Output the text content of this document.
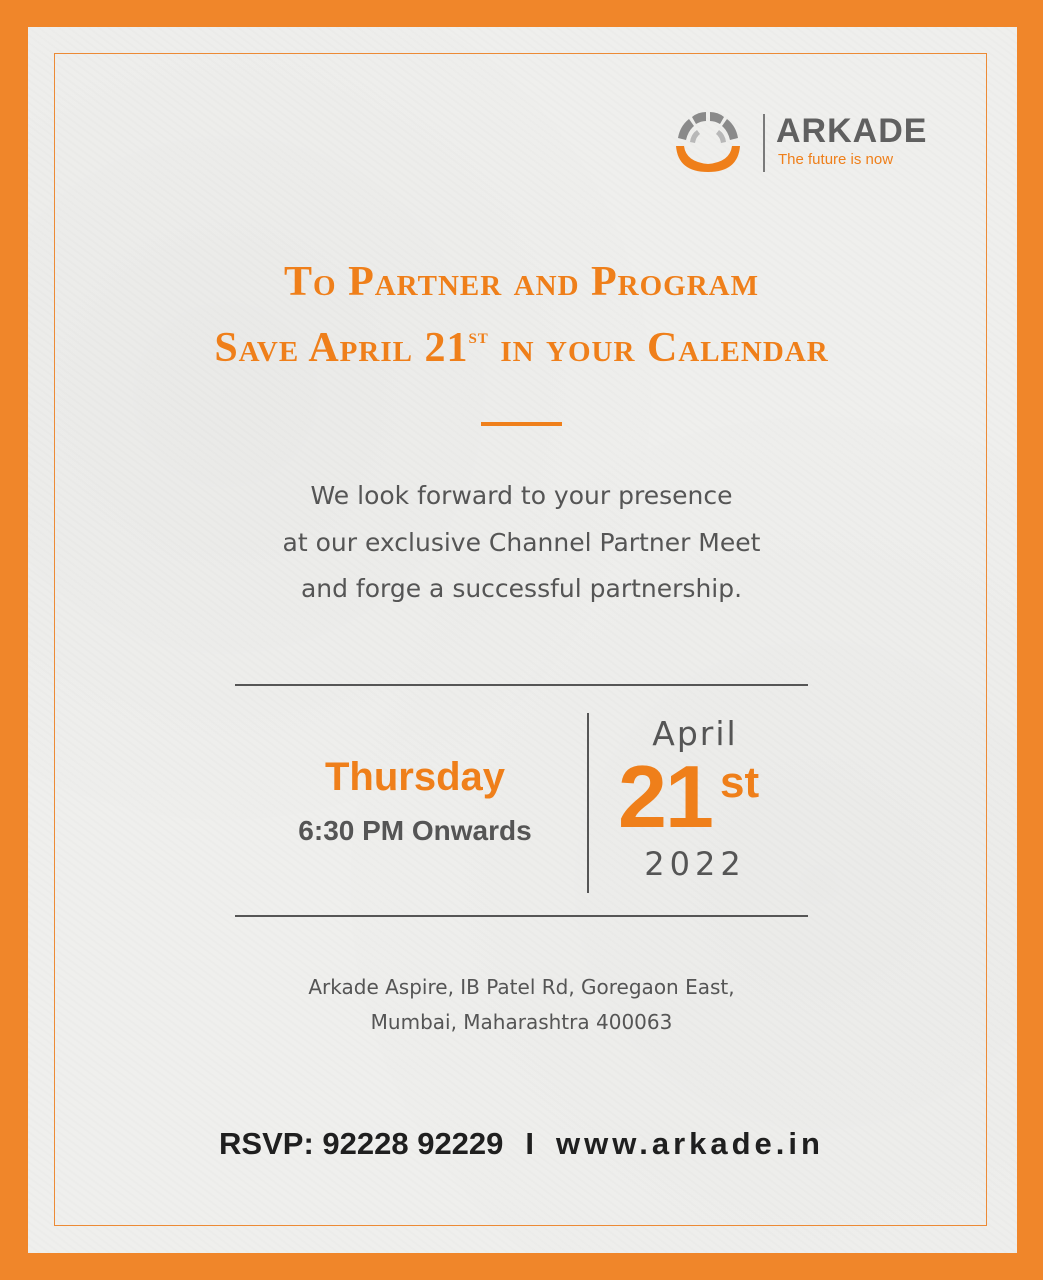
ARKADE
The future is now
To Partner and Program
Save April 21st in your Calendar
We look forward to your presence
at our exclusive Channel Partner Meet
and forge a successful partnership.
Thursday
6:30 PM Onwards
April
21 st
2022
Arkade Aspire, IB Patel Rd, Goregaon East,
Mumbai, Maharashtra 400063
RSVP: 92228 92229 I www.arkade.in
